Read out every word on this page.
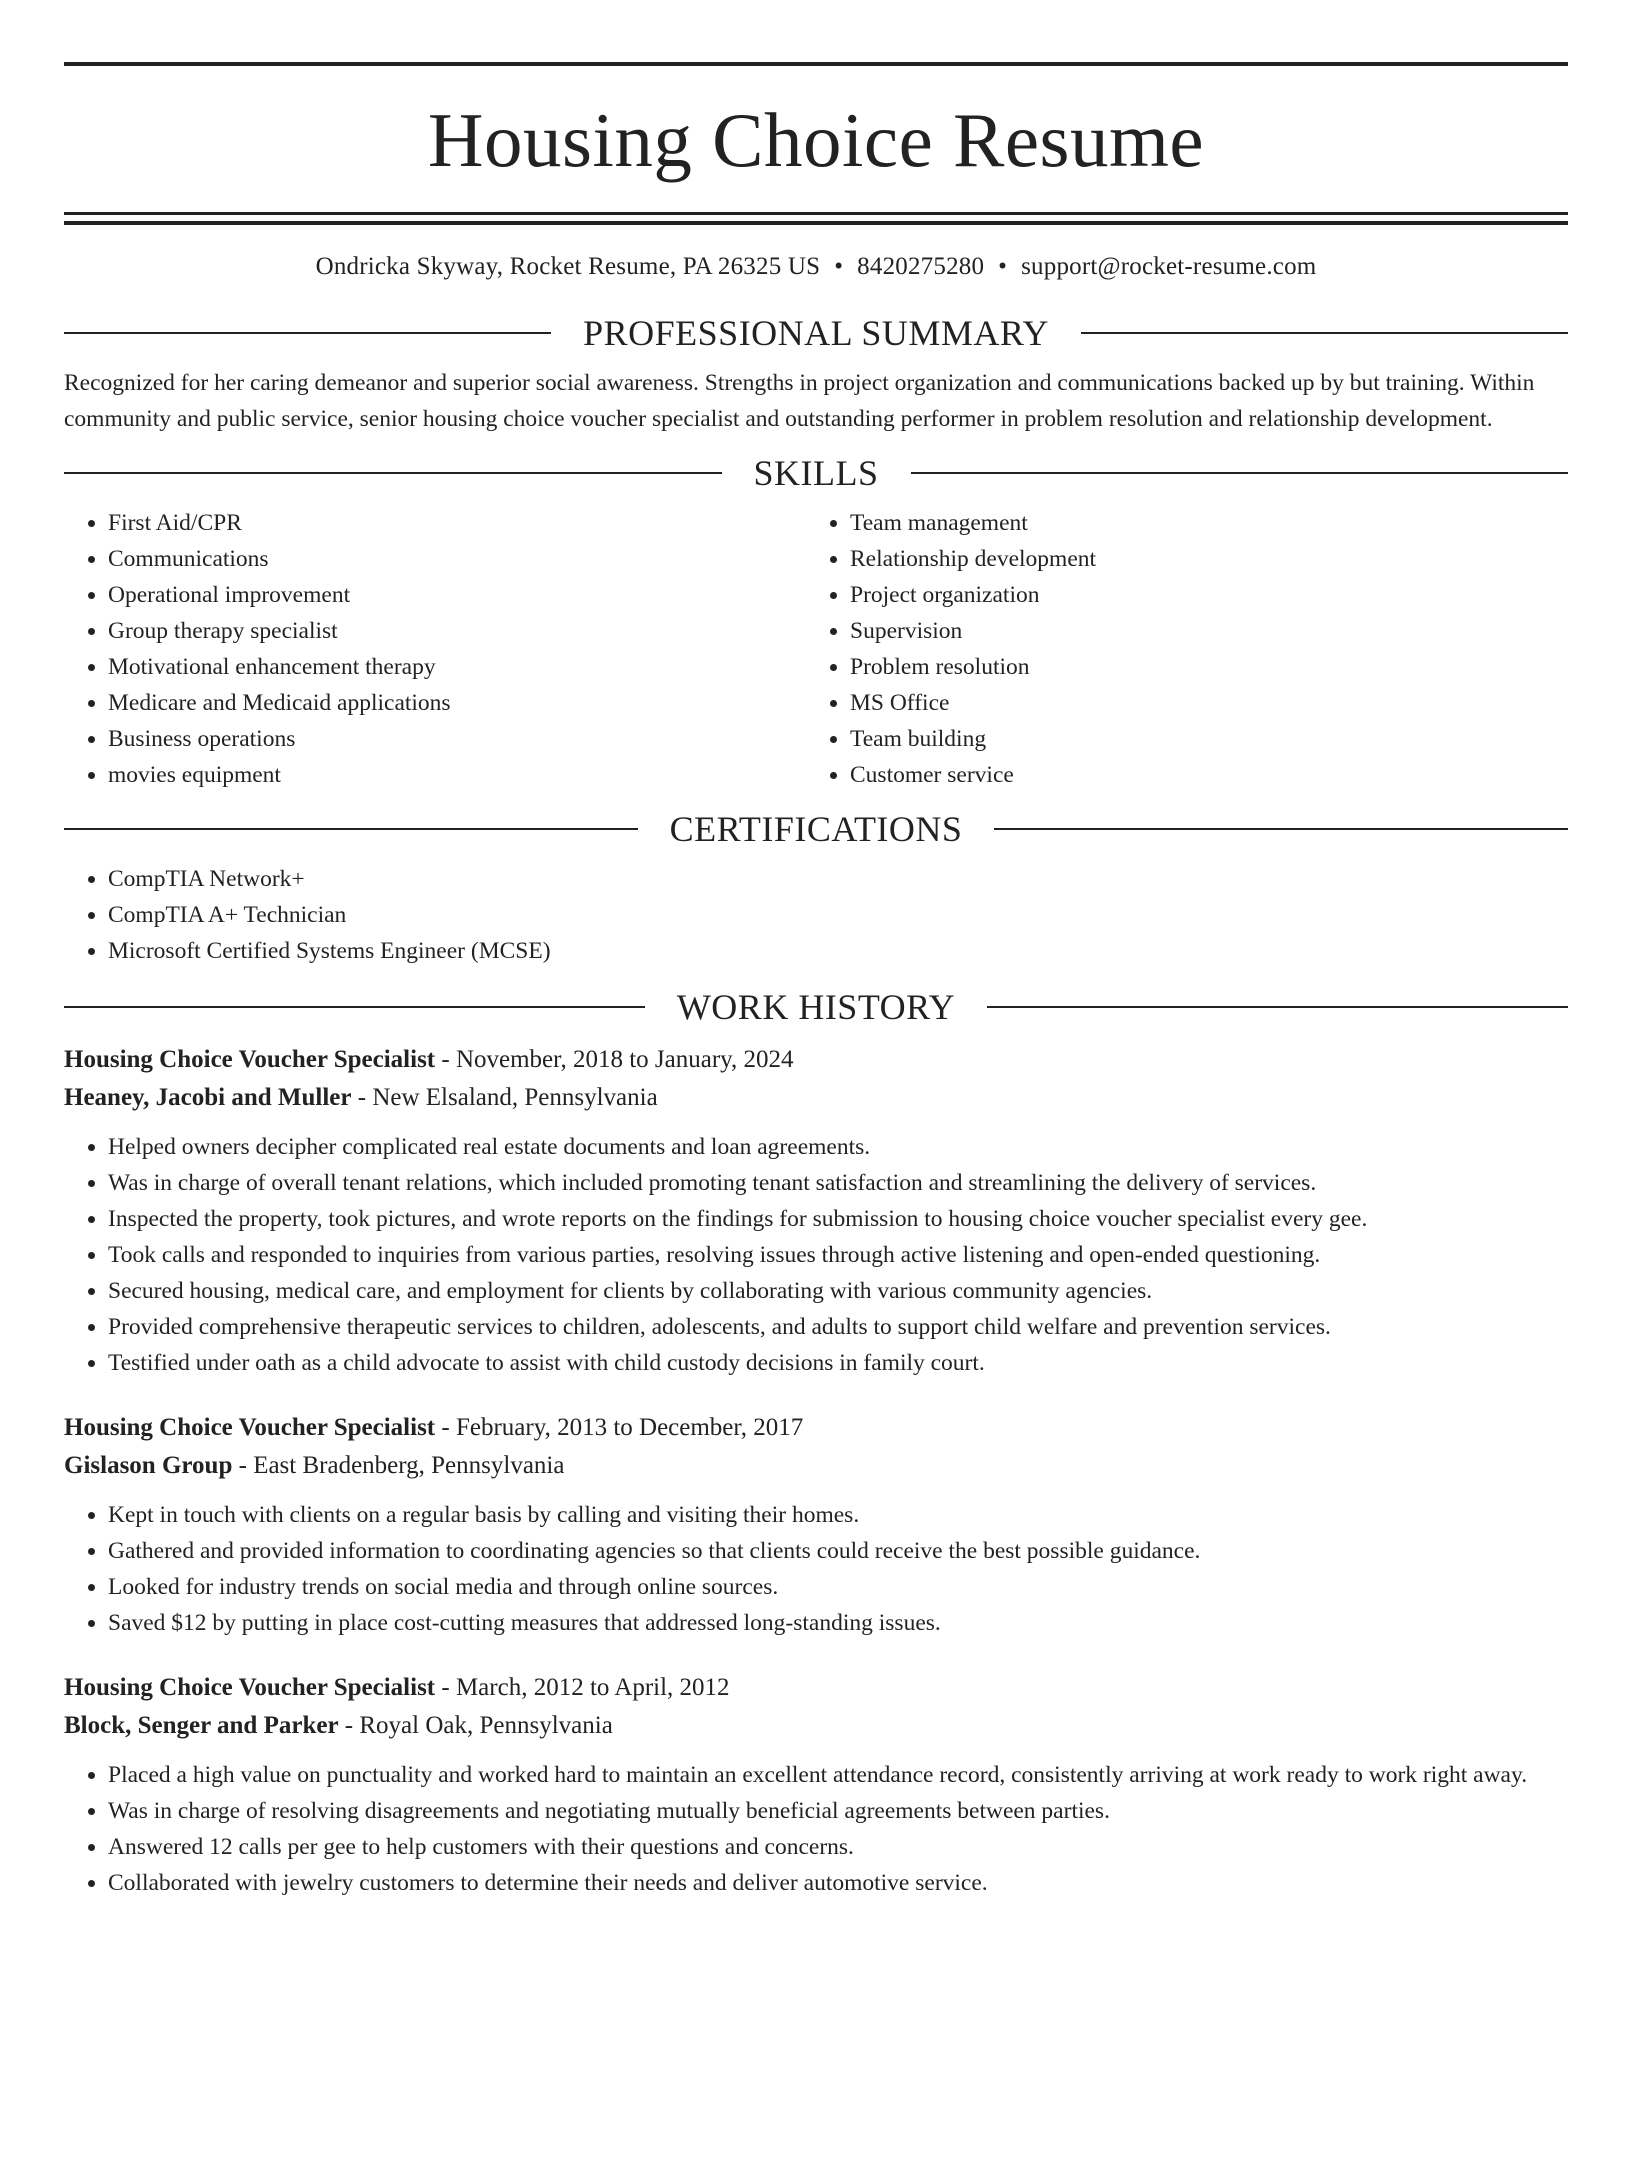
Housing Choice Resume
Ondricka Skyway, Rocket Resume, PA 26325 US • 8420275280 • support@rocket-resume.com
PROFESSIONAL SUMMARY

Recognized for her caring demeanor and superior social awareness. Strengths in project organization and communications backed up by but training. Within community and public service, senior housing choice voucher specialist and outstanding performer in problem resolution and relationship development.

SKILLS
• First Aid/CPR
• Communications
• Operational improvement
• Group therapy specialist
• Motivational enhancement therapy
• Medicare and Medicaid applications
• Business operations
• movies equipment
• Team management
• Relationship development
• Project organization
• Supervision
• Problem resolution
• MS Office
• Team building
• Customer service
CERTIFICATIONS
• CompTIA Network+
• CompTIA A+ Technician
• Microsoft Certified Systems Engineer (MCSE)
WORK HISTORY
Housing Choice Voucher Specialist - November, 2018 to January, 2024
Heaney, Jacobi and Muller - New Elsaland, Pennsylvania
• Helped owners decipher complicated real estate documents and loan agreements.
• Was in charge of overall tenant relations, which included promoting tenant satisfaction and streamlining the delivery of services.
• Inspected the property, took pictures, and wrote reports on the findings for submission to housing choice voucher specialist every gee.
• Took calls and responded to inquiries from various parties, resolving issues through active listening and open-ended questioning.
• Secured housing, medical care, and employment for clients by collaborating with various community agencies.
• Provided comprehensive therapeutic services to children, adolescents, and adults to support child welfare and prevention services.
• Testified under oath as a child advocate to assist with child custody decisions in family court.
Housing Choice Voucher Specialist - February, 2013 to December, 2017
Gislason Group - East Bradenberg, Pennsylvania
• Kept in touch with clients on a regular basis by calling and visiting their homes.
• Gathered and provided information to coordinating agencies so that clients could receive the best possible guidance.
• Looked for industry trends on social media and through online sources.
• Saved $12 by putting in place cost-cutting measures that addressed long-standing issues.
Housing Choice Voucher Specialist - March, 2012 to April, 2012
Block, Senger and Parker - Royal Oak, Pennsylvania
• Placed a high value on punctuality and worked hard to maintain an excellent attendance record, consistently arriving at work ready to work right away.
• Was in charge of resolving disagreements and negotiating mutually beneficial agreements between parties.
• Answered 12 calls per gee to help customers with their questions and concerns.
• Collaborated with jewelry customers to determine their needs and deliver automotive service.
